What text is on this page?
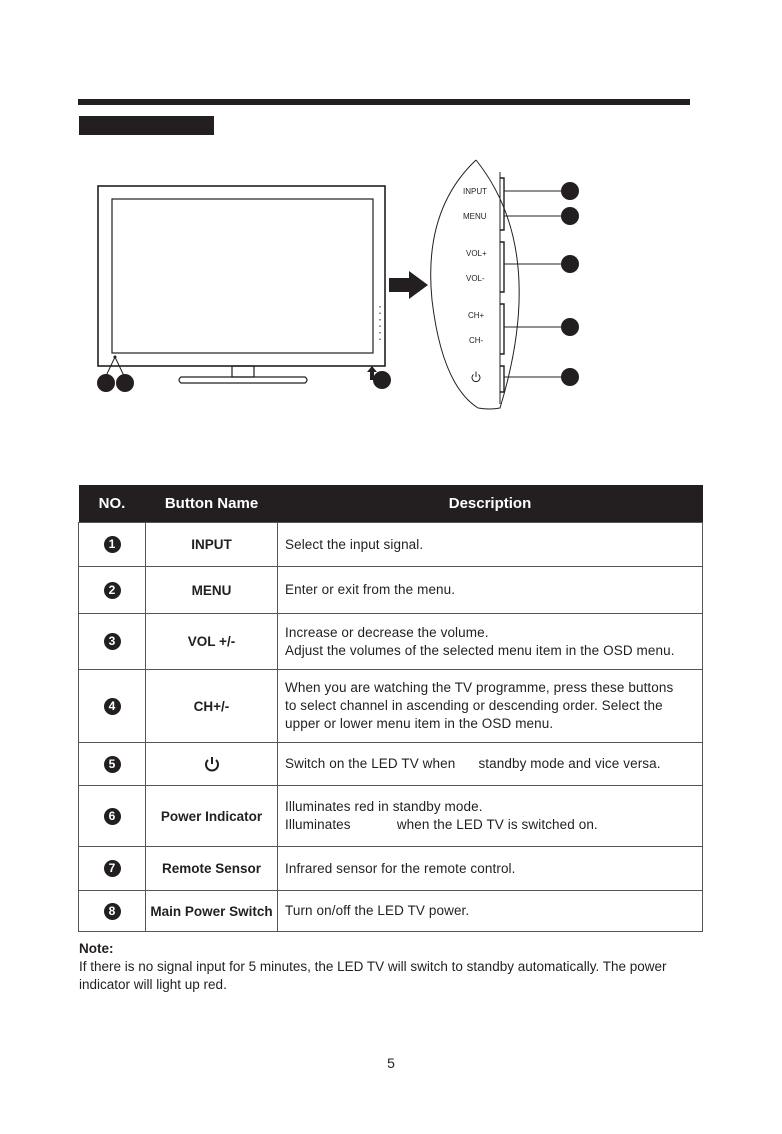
INPUT
MENU
VOL+
VOL-
CH+
CH-
NO.	Button Name	Description
1	INPUT	Select the input signal.

2	MENU	Enter or exit from the menu.

3	VOL +/-	Increase or decrease the volume.
Adjust the volumes of the selected menu item in the OSD menu.

4	CH+/-	When you are watching the TV programme, press these buttons
to select channel in ascending or descending order. Select the
upper or lower menu item in the OSD menu.

5		Switch on the LED TV when      standby mode and vice versa.

6	Power Indicator	Illuminates red in standby mode.
Illuminates            when the LED TV is switched on.

7	Remote Sensor	Infrared sensor for the remote control.

8	Main Power Switch	Turn on/off the LED TV power.
Note:
If there is no signal input for 5 minutes, the LED TV will switch to standby automatically. The power
indicator will light up red.
5
